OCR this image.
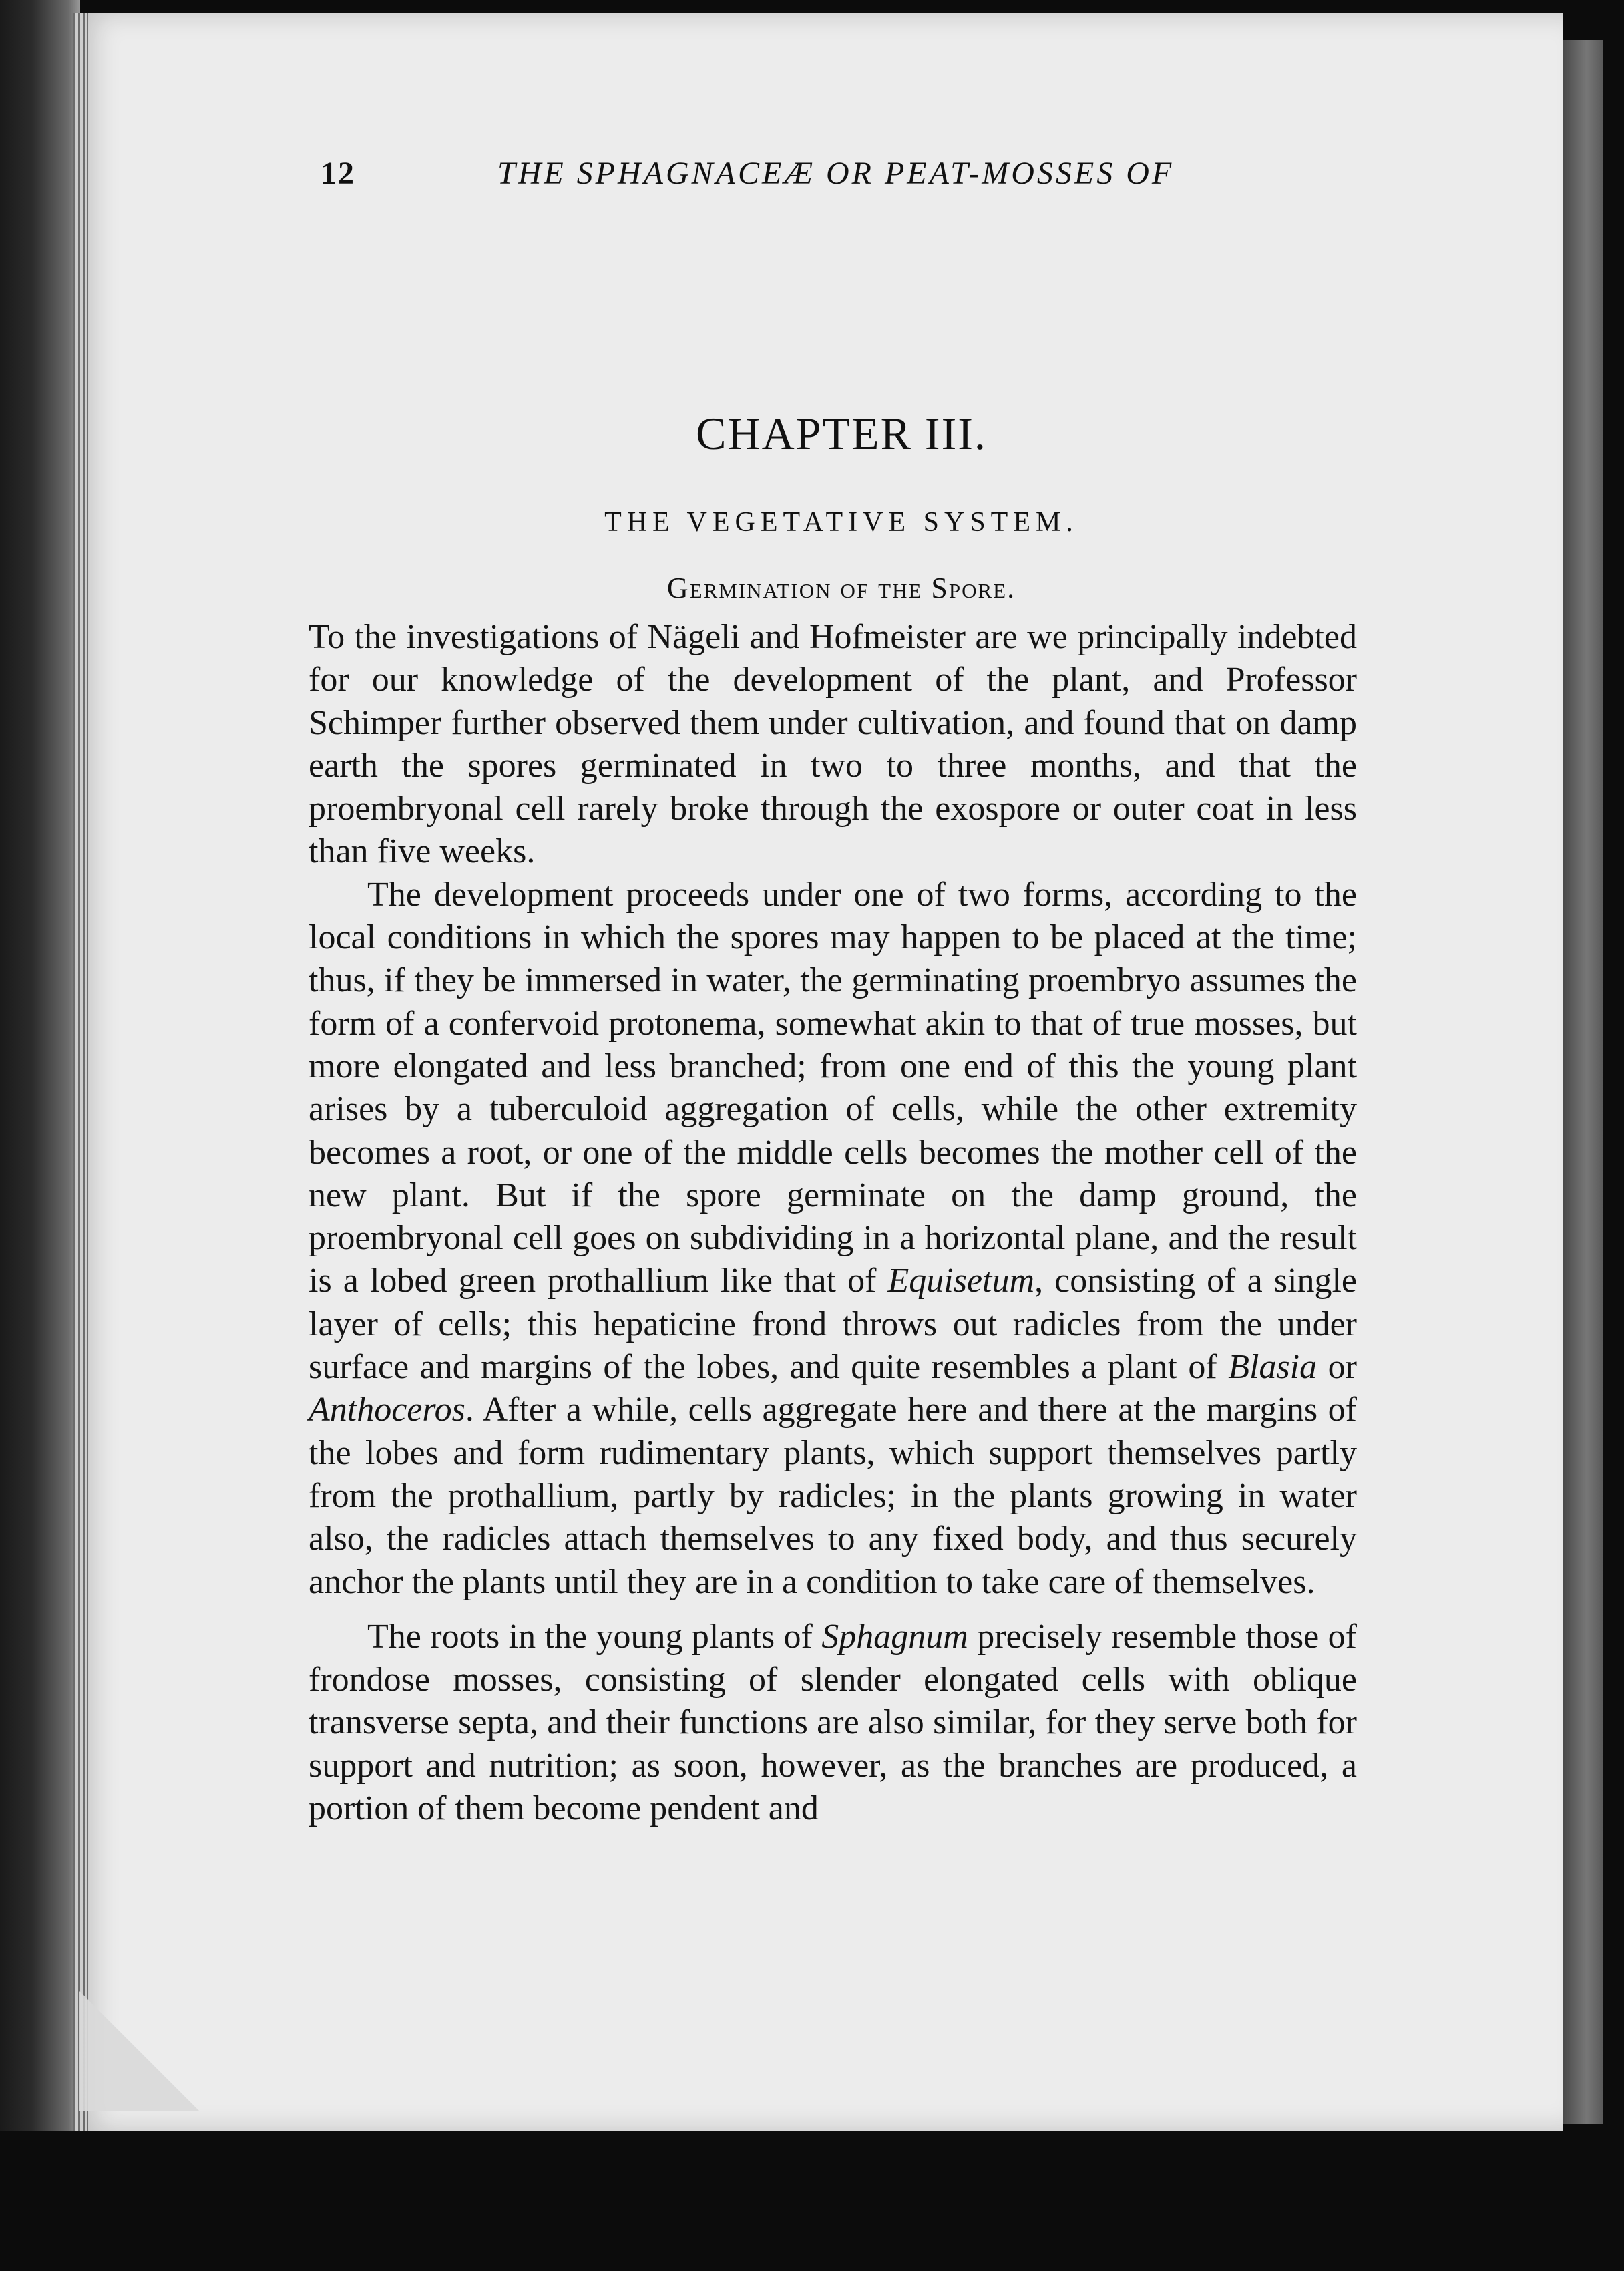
12	THE SPHAGNACEÆ OR PEAT-MOSSES OF
CHAPTER III.
THE VEGETATIVE SYSTEM.
Germination of the Spore.

To the investigations of Nägeli and Hofmeister are we principally indebted for our knowledge of the development of the plant, and Professor Schimper further observed them under cultivation, and found that on damp earth the spores germinated in two to three months, and that the proembryonal cell rarely broke through the exospore or outer coat in less than five weeks.

The development proceeds under one of two forms, according to the local conditions in which the spores may happen to be placed at the time; thus, if they be immersed in water, the germinating proembryo assumes the form of a confervoid protonema, somewhat akin to that of true mosses, but more elongated and less branched; from one end of this the young plant arises by a tuberculoid aggregation of cells, while the other extremity becomes a root, or one of the middle cells becomes the mother cell of the new plant. But if the spore germinate on the damp ground, the proembryonal cell goes on subdividing in a horizontal plane, and the result is a lobed green prothallium like that of Equisetum, consisting of a single layer of cells; this hepaticine frond throws out radicles from the under surface and margins of the lobes, and quite resembles a plant of Blasia or Anthoceros. After a while, cells aggregate here and there at the margins of the lobes and form rudimentary plants, which support themselves partly from the prothallium, partly by radicles; in the plants growing in water also, the radicles attach themselves to any fixed body, and thus securely anchor the plants until they are in a condition to take care of themselves.

The roots in the young plants of Sphagnum precisely resemble those of frondose mosses, consisting of slender elongated cells with oblique transverse septa, and their functions are also similar, for they serve both for support and nutrition; as soon, however, as the branches are produced, a portion of them become pendent and
